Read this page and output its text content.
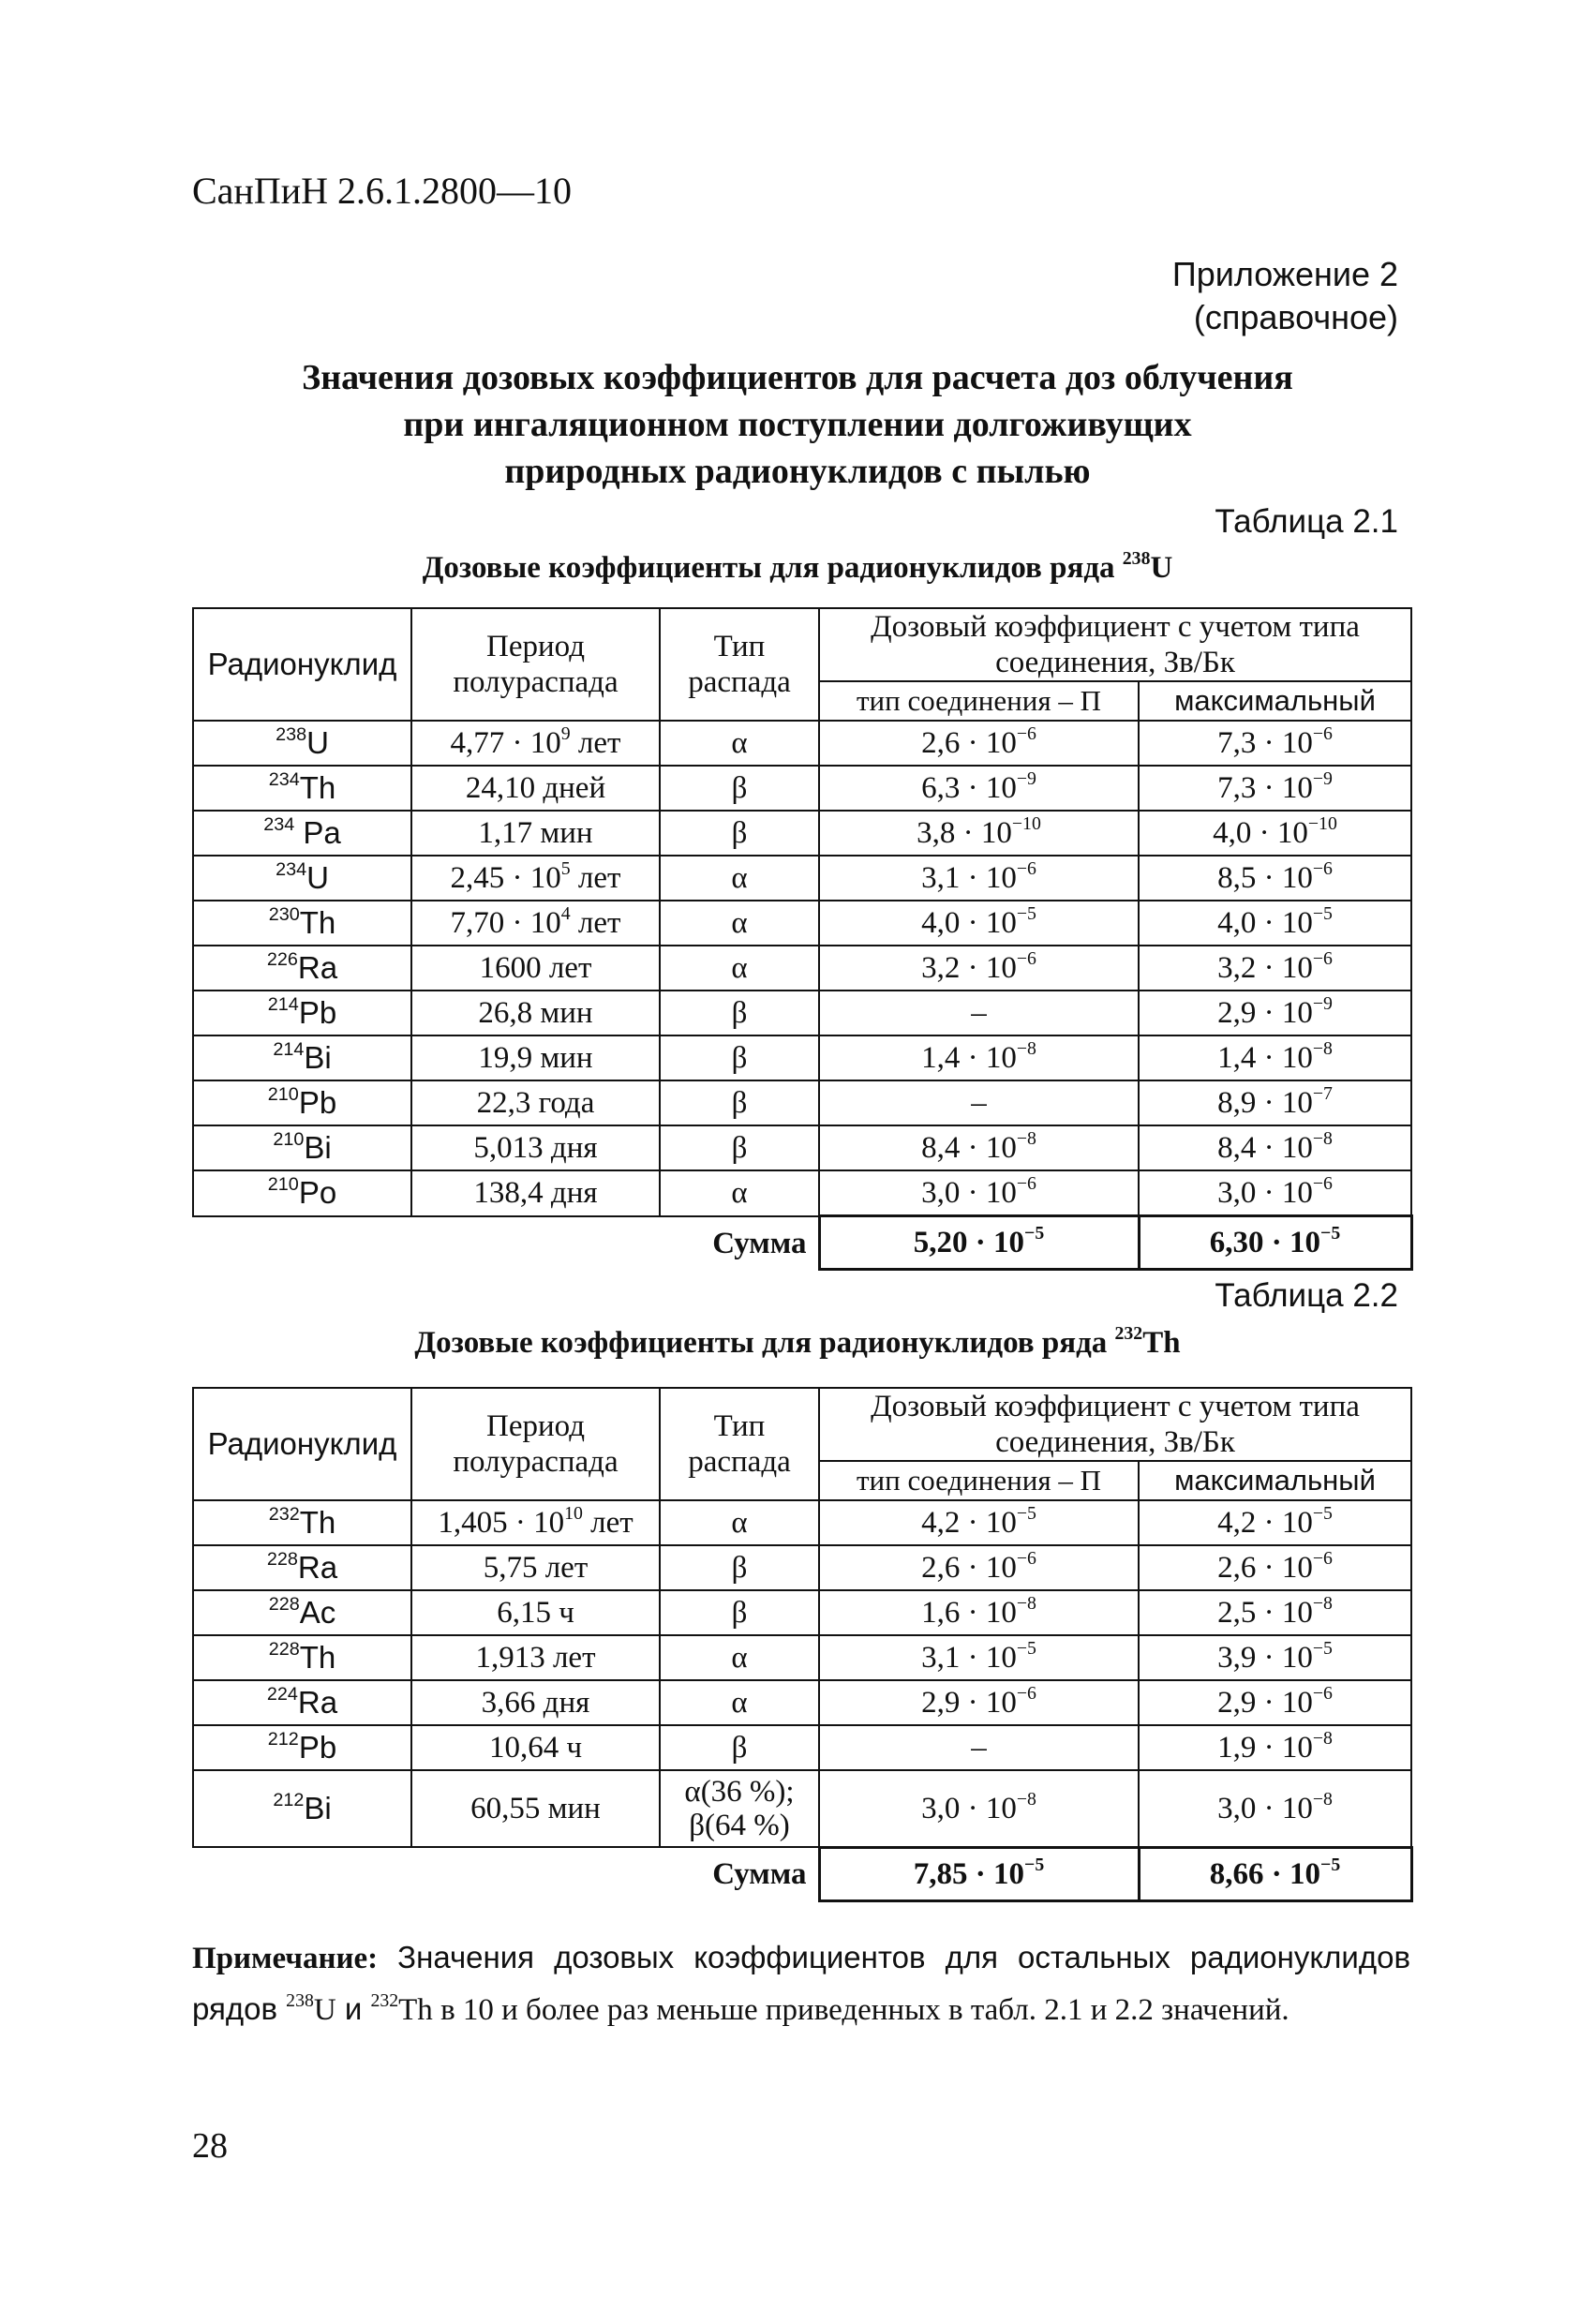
СанПиН 2.6.1.2800—10
Приложение 2
(справочное)
Значения дозовых коэффициентов для расчета доз облучения
при ингаляционном поступлении долгоживущих
природных радионуклидов с пылью
Таблица 2.1
Дозовые коэффициенты для радионуклидов ряда $^{238}$U
Радионуклид	Период полураспада	Тип распада	Дозовый коэффициент с учетом типа соединения, Зв/Бк	
			тип соединения – П	максимальный
$^{238}$U	$4,77 \cdot 10^9$ лет	α	$2,6 \cdot 10^{-6}$	$7,3 \cdot 10^{-6}$
$^{234}$Th	24,10 дней	β	$6,3 \cdot 10^{-9}$	$7,3 \cdot 10^{-9}$
$^{234}$ Pa	1,17 мин	β	$3,8 \cdot 10^{-10}$	$4,0 \cdot 10^{-10}$
$^{234}$U	$2,45 \cdot 10^5$ лет	α	$3,1 \cdot 10^{-6}$	$8,5 \cdot 10^{-6}$
$^{230}$Th	$7,70 \cdot 10^4$ лет	α	$4,0 \cdot 10^{-5}$	$4,0 \cdot 10^{-5}$
$^{226}$Ra	1600 лет	α	$3,2 \cdot 10^{-6}$	$3,2 \cdot 10^{-6}$
$^{214}$Pb	26,8 мин	β	–	$2,9 \cdot 10^{-9}$
$^{214}$Bi	19,9 мин	β	$1,4 \cdot 10^{-8}$	$1,4 \cdot 10^{-8}$
$^{210}$Pb	22,3 года	β	–	$8,9 \cdot 10^{-7}$
$^{210}$Bi	5,013 дня	β	$8,4 \cdot 10^{-8}$	$8,4 \cdot 10^{-8}$
$^{210}$Po	138,4 дня	α	$3,0 \cdot 10^{-6}$	$3,0 \cdot 10^{-6}$
		Сумма	$5,20 \cdot 10^{-5}$	$6,30 \cdot 10^{-5}$
Таблица 2.2
Дозовые коэффициенты для радионуклидов ряда $^{232}$Th
Радионуклид	Период полураспада	Тип распада	Дозовый коэффициент с учетом типа соединения, Зв/Бк	
			тип соединения – П	максимальный
$^{232}$Th	$1,405 \cdot 10^{10}$ лет	α	$4,2 \cdot 10^{-5}$	$4,2 \cdot 10^{-5}$
$^{228}$Ra	5,75 лет	β	$2,6 \cdot 10^{-6}$	$2,6 \cdot 10^{-6}$
$^{228}$Ac	6,15 ч	β	$1,6 \cdot 10^{-8}$	$2,5 \cdot 10^{-8}$
$^{228}$Th	1,913 лет	α	$3,1 \cdot 10^{-5}$	$3,9 \cdot 10^{-5}$
$^{224}$Ra	3,66 дня	α	$2,9 \cdot 10^{-6}$	$2,9 \cdot 10^{-6}$
$^{212}$Pb	10,64 ч	β	–	$1,9 \cdot 10^{-8}$
$^{212}$Bi	60,55 мин	α(36 %); β(64 %)	$3,0 \cdot 10^{-8}$	$3,0 \cdot 10^{-8}$
		Сумма	$7,85 \cdot 10^{-5}$	$8,66 \cdot 10^{-5}$
Примечание: Значения дозовых коэффициентов для остальных радионуклидов рядов $^{238}$U и $^{232}$Th в 10 и более раз меньше приведенных в табл. 2.1 и 2.2 значений.
28
